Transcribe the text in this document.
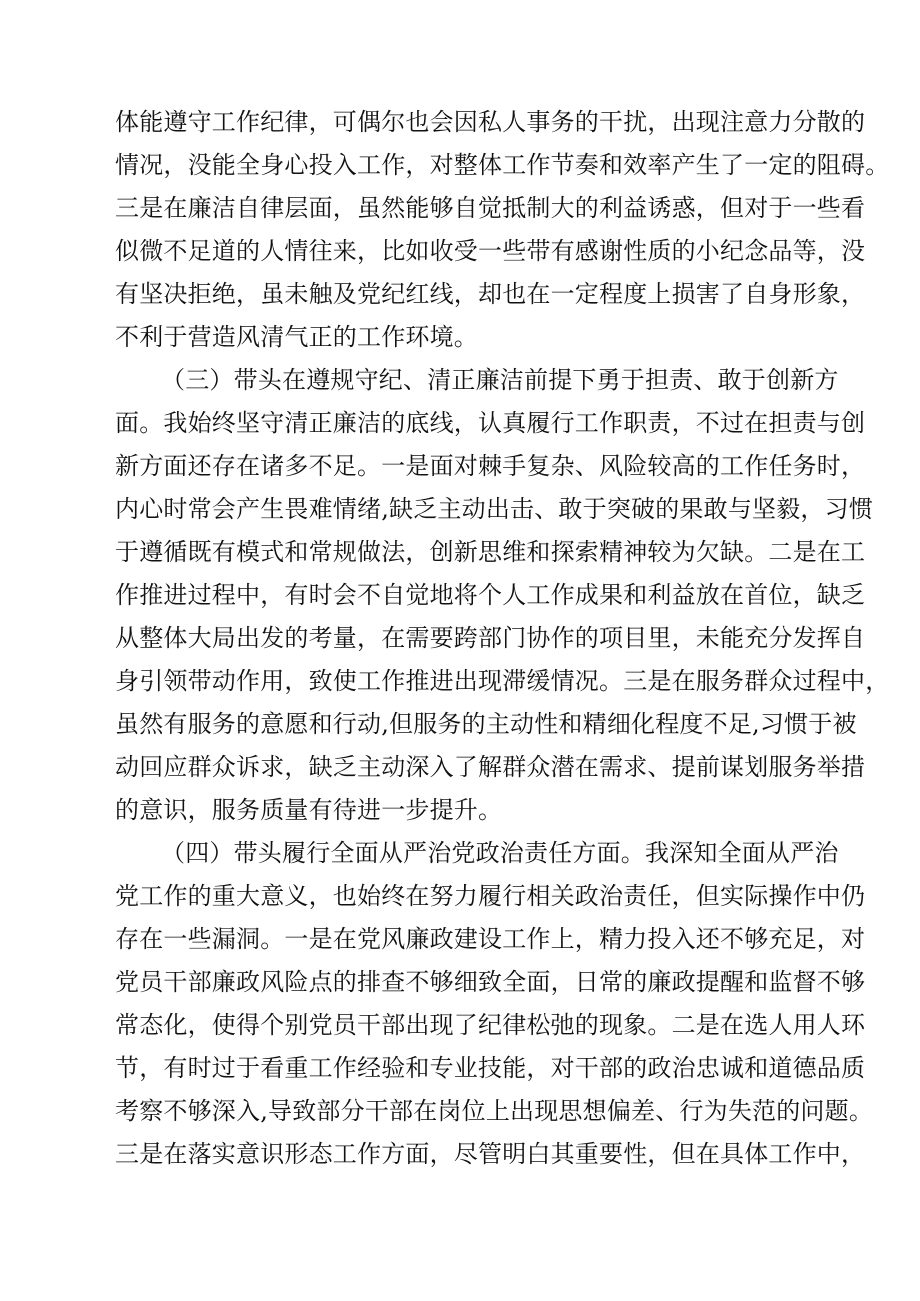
体能遵守工作纪律，可偶尔也会因私人事务的干扰，出现注意力分散的
情况，没能全身心投入工作，对整体工作节奏和效率产生了一定的阻碍。
三是在廉洁自律层面，虽然能够自觉抵制大的利益诱惑，但对于一些看
似微不足道的人情往来，比如收受一些带有感谢性质的小纪念品等，没
有坚决拒绝，虽未触及党纪红线，却也在一定程度上损害了自身形象，
不利于营造风清气正的工作环境。
（三）带头在遵规守纪、清正廉洁前提下勇于担责、敢于创新方
面。我始终坚守清正廉洁的底线，认真履行工作职责，不过在担责与创
新方面还存在诸多不足。一是面对棘手复杂、风险较高的工作任务时，
内心时常会产生畏难情绪,缺乏主动出击、敢于突破的果敢与坚毅，习惯
于遵循既有模式和常规做法，创新思维和探索精神较为欠缺。二是在工
作推进过程中，有时会不自觉地将个人工作成果和利益放在首位，缺乏
从整体大局出发的考量，在需要跨部门协作的项目里，未能充分发挥自
身引领带动作用，致使工作推进出现滞缓情况。三是在服务群众过程中，
虽然有服务的意愿和行动,但服务的主动性和精细化程度不足,习惯于被
动回应群众诉求，缺乏主动深入了解群众潜在需求、提前谋划服务举措
的意识，服务质量有待进一步提升。
（四）带头履行全面从严治党政治责任方面。我深知全面从严治
党工作的重大意义，也始终在努力履行相关政治责任，但实际操作中仍
存在一些漏洞。一是在党风廉政建设工作上，精力投入还不够充足，对
党员干部廉政风险点的排查不够细致全面，日常的廉政提醒和监督不够
常态化，使得个别党员干部出现了纪律松弛的现象。二是在选人用人环
节，有时过于看重工作经验和专业技能，对干部的政治忠诚和道德品质
考察不够深入,导致部分干部在岗位上出现思想偏差、行为失范的问题。
三是在落实意识形态工作方面，尽管明白其重要性，但在具体工作中，
